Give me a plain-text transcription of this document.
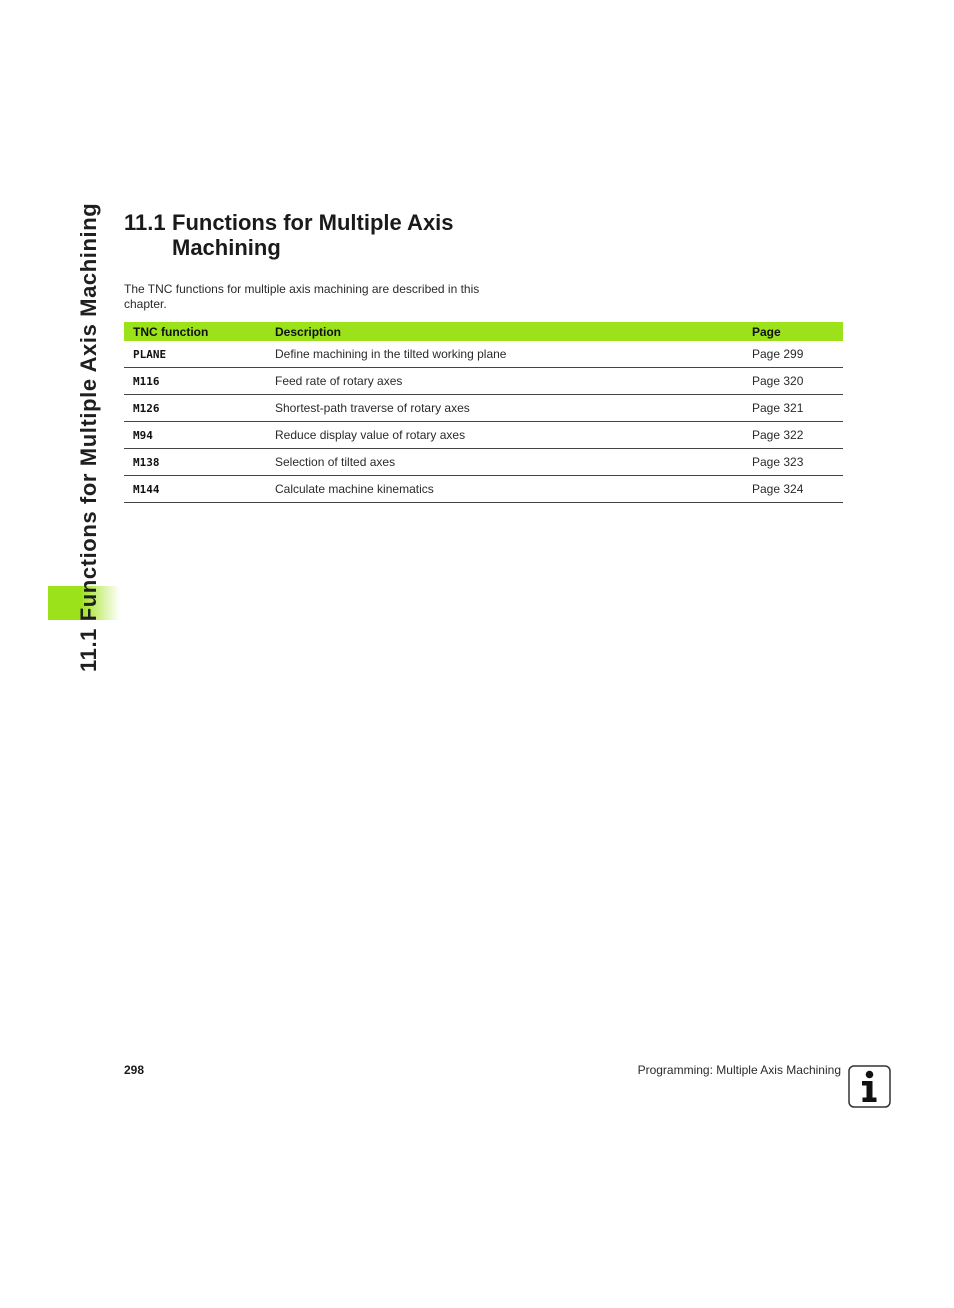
11.1 Functions for Multiple Axis Machining 11.1 Functions for Multiple Axis Machining

The TNC functions for multiple axis machining are described in this chapter.

TNC function	Description	Page
PLANE	Define machining in the tilted working plane	Page 299
M116	Feed rate of rotary axes	Page 320
M126	Shortest-path traverse of rotary axes	Page 321
M94	Reduce display value of rotary axes	Page 322
M138	Selection of tilted axes	Page 323
M144	Calculate machine kinematics	Page 324
298	Programming: Multiple Axis Machining
